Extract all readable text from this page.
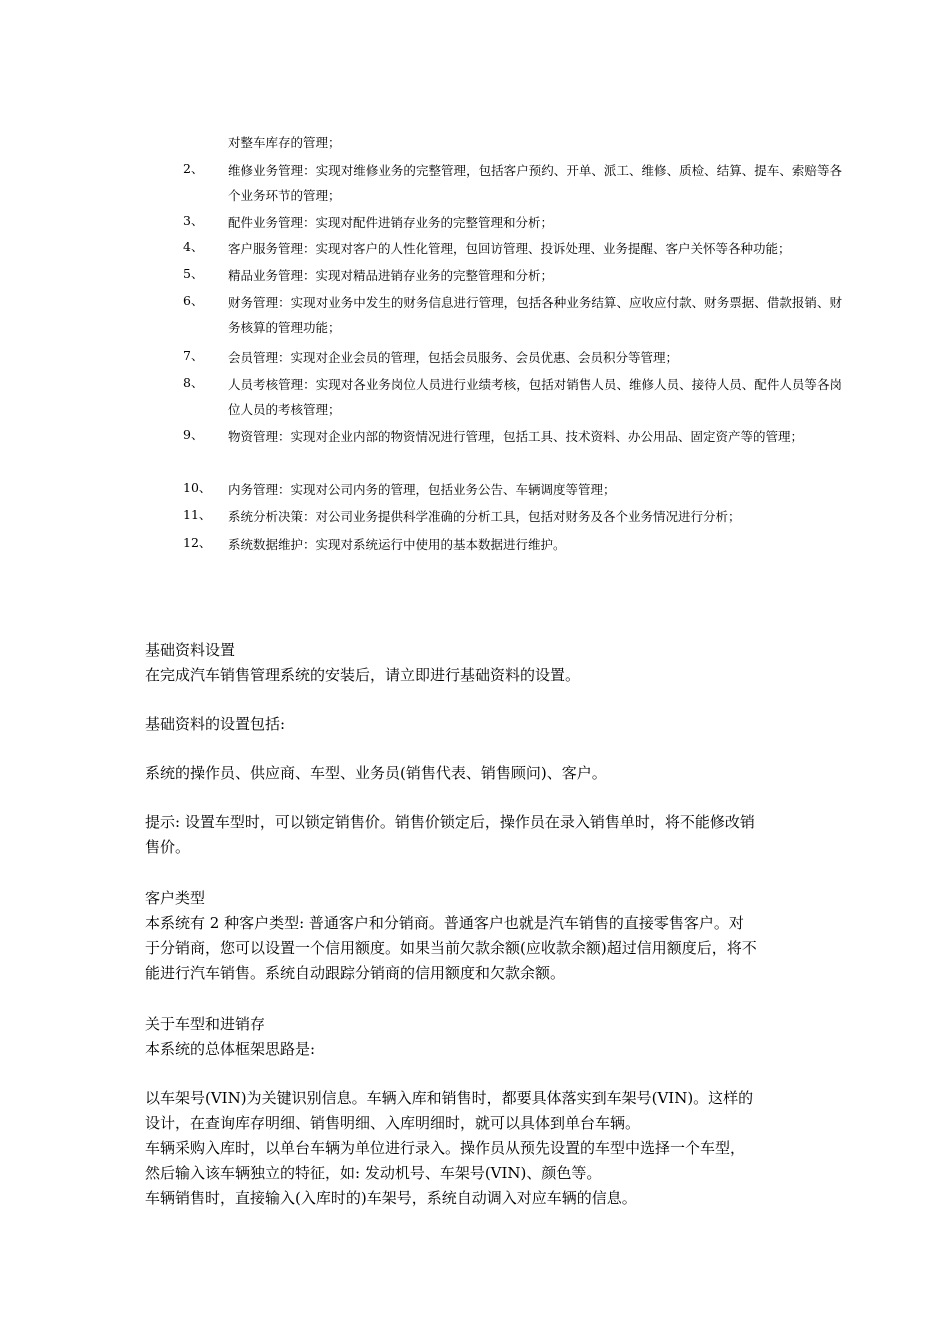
对整车库存的管理；
2、 维修业务管理：实现对维修业务的完整管理，包括客户预约、开单、派工、维修、质检、结算、提车、索赔等各个业务环节的管理；
3、 配件业务管理：实现对配件进销存业务的完整管理和分析；
4、 客户服务管理：实现对客户的人性化管理，包回访管理、投诉处理、业务提醒、客户关怀等各种功能；
5、 精品业务管理：实现对精品进销存业务的完整管理和分析；
6、 财务管理：实现对业务中发生的财务信息进行管理，包括各种业务结算、应收应付款、财务票据、借款报销、财务核算的管理功能；
7、 会员管理：实现对企业会员的管理，包括会员服务、会员优惠、会员积分等管理；
8、 人员考核管理：实现对各业务岗位人员进行业绩考核，包括对销售人员、维修人员、接待人员、配件人员等各岗位人员的考核管理；
9、 物资管理：实现对企业内部的物资情况进行管理，包括工具、技术资料、办公用品、固定资产等的管理；
10、 内务管理：实现对公司内务的管理，包括业务公告、车辆调度等管理；
11、 系统分析决策：对公司业务提供科学准确的分析工具，包括对财务及各个业务情况进行分析；
12、 系统数据维护：实现对系统运行中使用的基本数据进行维护。

基础资料设置

在完成汽车销售管理系统的安装后，请立即进行基础资料的设置。

基础资料的设置包括:

系统的操作员、供应商、车型、业务员(销售代表、销售顾问)、客户。

提示: 设置车型时，可以锁定销售价。销售价锁定后，操作员在录入销售单时，将不能修改销

售价。

客户类型

本系统有 2 种客户类型: 普通客户和分销商。普通客户也就是汽车销售的直接零售客户。对

于分销商，您可以设置一个信用额度。如果当前欠款余额(应收款余额)超过信用额度后，将不

能进行汽车销售。系统自动跟踪分销商的信用额度和欠款余额。

关于车型和进销存

本系统的总体框架思路是:

以车架号(VIN)为关键识别信息。车辆入库和销售时，都要具体落实到车架号(VIN)。这样的

设计，在查询库存明细、销售明细、入库明细时，就可以具体到单台车辆。

车辆采购入库时，以单台车辆为单位进行录入。操作员从预先设置的车型中选择一个车型，

然后输入该车辆独立的特征，如: 发动机号、车架号(VIN)、颜色等。

车辆销售时，直接输入(入库时的)车架号，系统自动调入对应车辆的信息。
